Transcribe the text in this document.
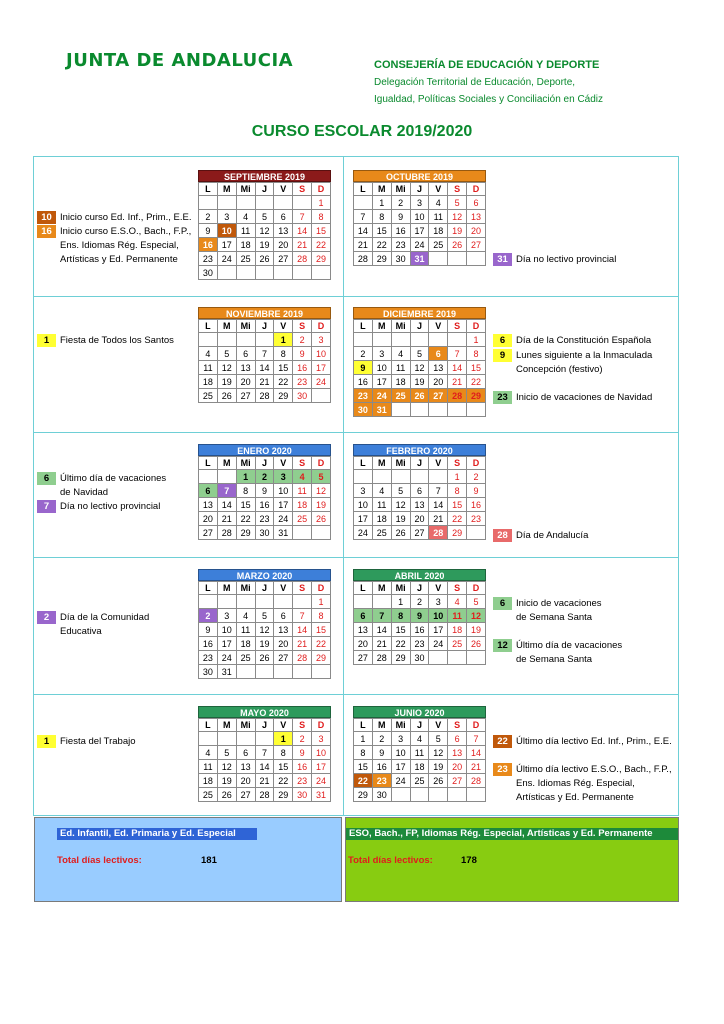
JUNTA DE ANDALUCIA	CONSEJERÍA DE EDUCACIÓN Y DEPORTE
Delegación Territorial de Educación, Deporte,
Igualdad, Políticas Sociales y Conciliación en Cádiz
CURSO ESCOLAR 2019/2020
SEPTIEMBRE 2019
L	M	Mi	J	V	S	D
						1
2	3	4	5	6	7	8
9	10	11	12	13	14	15
16	17	18	19	20	21	22
23	24	25	26	27	28	29
30						
OCTUBRE 2019
L	M	Mi	J	V	S	D
	1	2	3	4	5	6
7	8	9	10	11	12	13
14	15	16	17	18	19	20
21	22	23	24	25	26	27
28	29	30	31			
NOVIEMBRE 2019
L	M	Mi	J	V	S	D
				1	2	3
4	5	6	7	8	9	10
11	12	13	14	15	16	17
18	19	20	21	22	23	24
25	26	27	28	29	30	
DICIEMBRE 2019
L	M	Mi	J	V	S	D
						1
2	3	4	5	6	7	8
9	10	11	12	13	14	15
16	17	18	19	20	21	22
23	24	25	26	27	28	29
30	31					
ENERO 2020
L	M	Mi	J	V	S	D
		1	2	3	4	5
6	7	8	9	10	11	12
13	14	15	16	17	18	19
20	21	22	23	24	25	26
27	28	29	30	31		
FEBRERO 2020
L	M	Mi	J	V	S	D
					1	2
3	4	5	6	7	8	9
10	11	12	13	14	15	16
17	18	19	20	21	22	23
24	25	26	27	28	29	
MARZO 2020
L	M	Mi	J	V	S	D
						1
2	3	4	5	6	7	8
9	10	11	12	13	14	15
16	17	18	19	20	21	22
23	24	25	26	27	28	29
30	31					
ABRIL 2020
L	M	Mi	J	V	S	D
		1	2	3	4	5
6	7	8	9	10	11	12
13	14	15	16	17	18	19
20	21	22	23	24	25	26
27	28	29	30			
MAYO 2020
L	M	Mi	J	V	S	D
				1	2	3
4	5	6	7	8	9	10
11	12	13	14	15	16	17
18	19	20	21	22	23	24
25	26	27	28	29	30	31
JUNIO 2020
L	M	Mi	J	V	S	D
1	2	3	4	5	6	7
8	9	10	11	12	13	14
15	16	17	18	19	20	21
22	23	24	25	26	27	28
29	30					
10 Inicio curso Ed. Inf., Prim., E.E.
16 Inicio curso E.S.O., Bach., F.P.,
Ens. Idiomas Rég. Especial,
Artísticas y Ed. Permanente	31 Día no lectivo provincial
1	Fiesta de Todos los Santos	6	Día de la Constitución Española
9	Lunes siguiente a la Inmaculada
Concepción (festivo)
23 Inicio de vacaciones de Navidad
6	Último día de vacaciones
de Navidad
7	Día no lectivo provincial
28 Día de Andalucía
2	Día de la Comunidad
Educativa
6	Inicio de vacaciones
de Semana Santa
12 Último día de vacaciones
de Semana Santa
1	Fiesta del Trabajo	22 Último día lectivo Ed. Inf., Prim., E.E.
23 Último día lectivo E.S.O., Bach., F.P.,
Ens. Idiomas Rég. Especial,
Artísticas y Ed. Permanente
Ed. Infantil, Ed. Primaria y Ed. Especial
Total días lectivos:	181
ESO, Bach., FP, Idiomas Rég. Especial, Artísticas y Ed. Permanente
Total días lectivos:	178
